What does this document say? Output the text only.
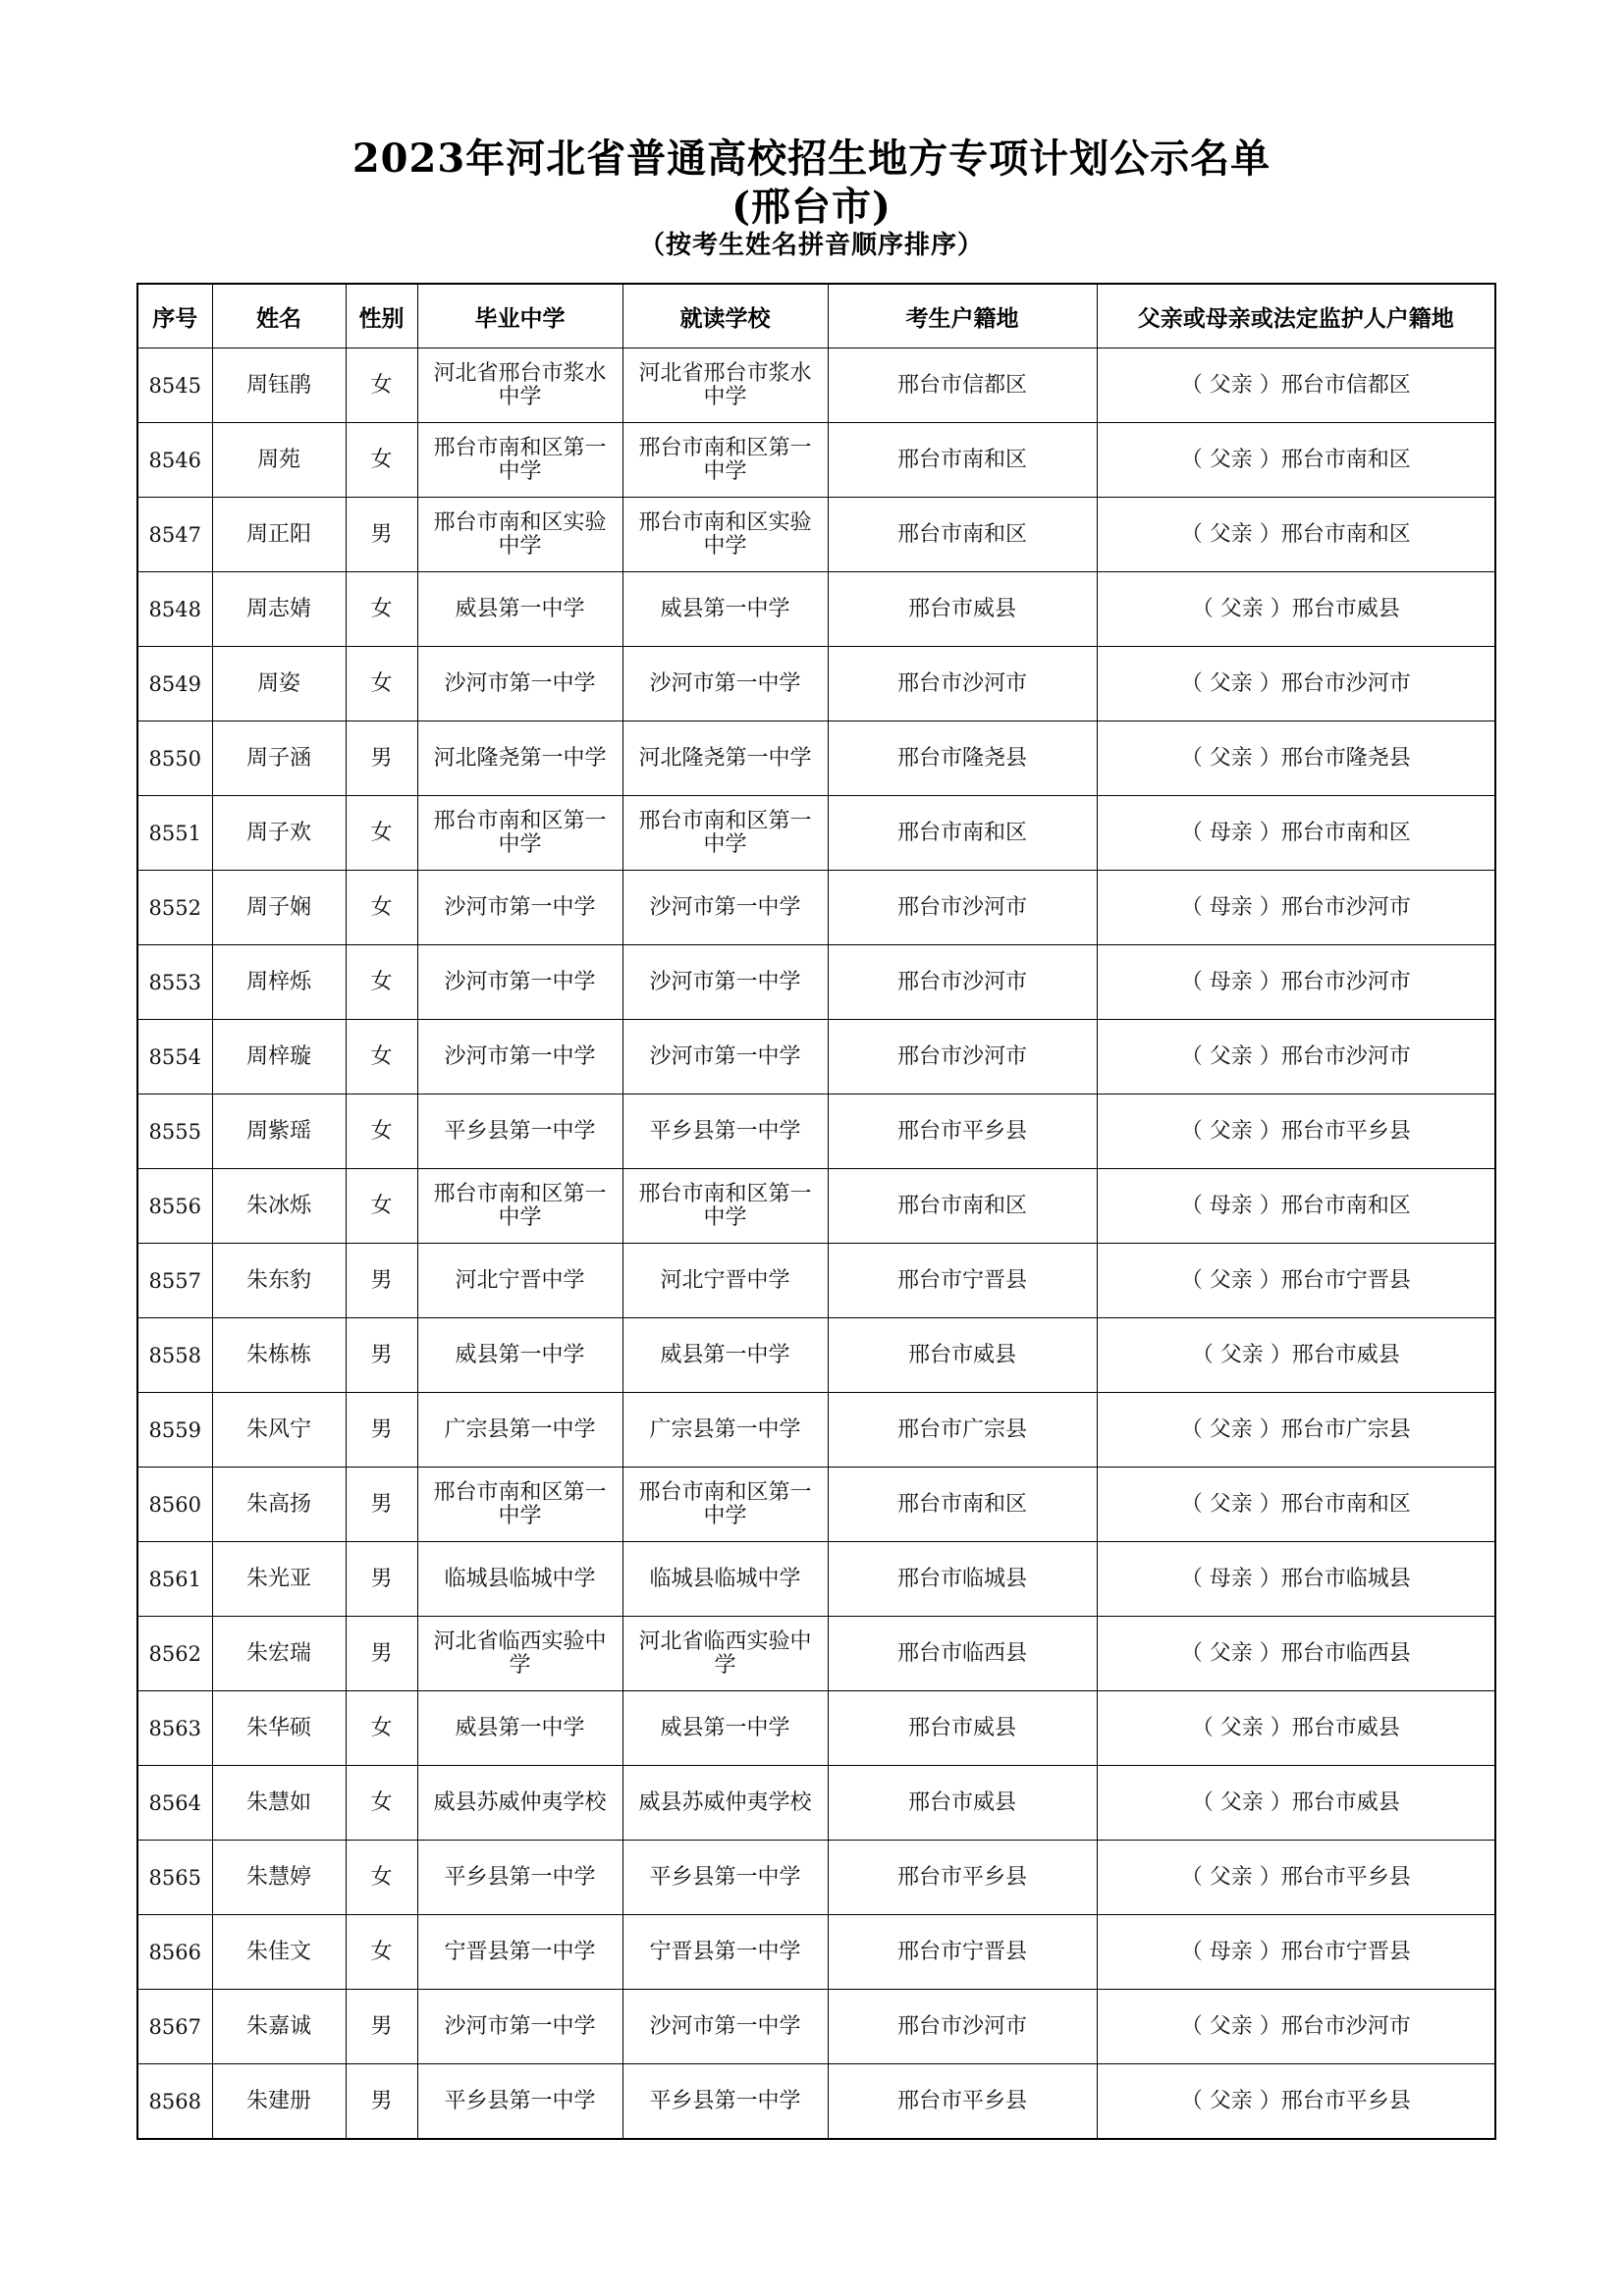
2023年河北省普通高校招生地方专项计划公示名单
(邢台市)
（按考生姓名拼音顺序排序）
序号	姓名	性别	毕业中学	就读学校	考生户籍地	父亲或母亲或法定监护人户籍地
8545	周钰鹃	女	河北省邢台市浆水中学	河北省邢台市浆水中学	邢台市信都区	（ 父亲 ）邢台市信都区
8546	周苑	女	邢台市南和区第一中学	邢台市南和区第一中学	邢台市南和区	（ 父亲 ）邢台市南和区
8547	周正阳	男	邢台市南和区实验中学	邢台市南和区实验中学	邢台市南和区	（ 父亲 ）邢台市南和区
8548	周志婧	女	威县第一中学	威县第一中学	邢台市威县	（ 父亲 ）邢台市威县
8549	周姿	女	沙河市第一中学	沙河市第一中学	邢台市沙河市	（ 父亲 ）邢台市沙河市
8550	周子涵	男	河北隆尧第一中学	河北隆尧第一中学	邢台市隆尧县	（ 父亲 ）邢台市隆尧县
8551	周子欢	女	邢台市南和区第一中学	邢台市南和区第一中学	邢台市南和区	（ 母亲 ）邢台市南和区
8552	周子娴	女	沙河市第一中学	沙河市第一中学	邢台市沙河市	（ 母亲 ）邢台市沙河市
8553	周梓烁	女	沙河市第一中学	沙河市第一中学	邢台市沙河市	（ 母亲 ）邢台市沙河市
8554	周梓璇	女	沙河市第一中学	沙河市第一中学	邢台市沙河市	（ 父亲 ）邢台市沙河市
8555	周紫瑶	女	平乡县第一中学	平乡县第一中学	邢台市平乡县	（ 父亲 ）邢台市平乡县
8556	朱冰烁	女	邢台市南和区第一中学	邢台市南和区第一中学	邢台市南和区	（ 母亲 ）邢台市南和区
8557	朱东豹	男	河北宁晋中学	河北宁晋中学	邢台市宁晋县	（ 父亲 ）邢台市宁晋县
8558	朱栋栋	男	威县第一中学	威县第一中学	邢台市威县	（ 父亲 ）邢台市威县
8559	朱风宁	男	广宗县第一中学	广宗县第一中学	邢台市广宗县	（ 父亲 ）邢台市广宗县
8560	朱高扬	男	邢台市南和区第一中学	邢台市南和区第一中学	邢台市南和区	（ 父亲 ）邢台市南和区
8561	朱光亚	男	临城县临城中学	临城县临城中学	邢台市临城县	（ 母亲 ）邢台市临城县
8562	朱宏瑞	男	河北省临西实验中学	河北省临西实验中学	邢台市临西县	（ 父亲 ）邢台市临西县
8563	朱华硕	女	威县第一中学	威县第一中学	邢台市威县	（ 父亲 ）邢台市威县
8564	朱慧如	女	威县苏威仲夷学校	威县苏威仲夷学校	邢台市威县	（ 父亲 ）邢台市威县
8565	朱慧婷	女	平乡县第一中学	平乡县第一中学	邢台市平乡县	（ 父亲 ）邢台市平乡县
8566	朱佳文	女	宁晋县第一中学	宁晋县第一中学	邢台市宁晋县	（ 母亲 ）邢台市宁晋县
8567	朱嘉诚	男	沙河市第一中学	沙河市第一中学	邢台市沙河市	（ 父亲 ）邢台市沙河市
8568	朱建册	男	平乡县第一中学	平乡县第一中学	邢台市平乡县	（ 父亲 ）邢台市平乡县
